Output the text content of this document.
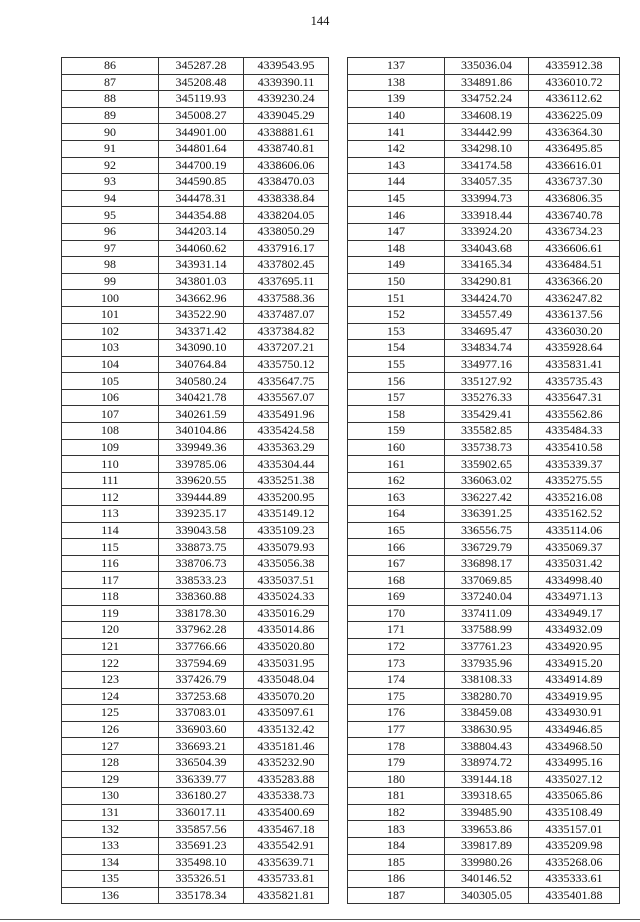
144
86	345287.28	4339543.95
87	345208.48	4339390.11
88	345119.93	4339230.24
89	345008.27	4339045.29
90	344901.00	4338881.61
91	344801.64	4338740.81
92	344700.19	4338606.06
93	344590.85	4338470.03
94	344478.31	4338338.84
95	344354.88	4338204.05
96	344203.14	4338050.29
97	344060.62	4337916.17
98	343931.14	4337802.45
99	343801.03	4337695.11
100	343662.96	4337588.36
101	343522.90	4337487.07
102	343371.42	4337384.82
103	343090.10	4337207.21
104	340764.84	4335750.12
105	340580.24	4335647.75
106	340421.78	4335567.07
107	340261.59	4335491.96
108	340104.86	4335424.58
109	339949.36	4335363.29
110	339785.06	4335304.44
111	339620.55	4335251.38
112	339444.89	4335200.95
113	339235.17	4335149.12
114	339043.58	4335109.23
115	338873.75	4335079.93
116	338706.73	4335056.38
117	338533.23	4335037.51
118	338360.88	4335024.33
119	338178.30	4335016.29
120	337962.28	4335014.86
121	337766.66	4335020.80
122	337594.69	4335031.95
123	337426.79	4335048.04
124	337253.68	4335070.20
125	337083.01	4335097.61
126	336903.60	4335132.42
127	336693.21	4335181.46
128	336504.39	4335232.90
129	336339.77	4335283.88
130	336180.27	4335338.73
131	336017.11	4335400.69
132	335857.56	4335467.18
133	335691.23	4335542.91
134	335498.10	4335639.71
135	335326.51	4335733.81
136	335178.34	4335821.81
137	335036.04	4335912.38
138	334891.86	4336010.72
139	334752.24	4336112.62
140	334608.19	4336225.09
141	334442.99	4336364.30
142	334298.10	4336495.85
143	334174.58	4336616.01
144	334057.35	4336737.30
145	333994.73	4336806.35
146	333918.44	4336740.78
147	333924.20	4336734.23
148	334043.68	4336606.61
149	334165.34	4336484.51
150	334290.81	4336366.20
151	334424.70	4336247.82
152	334557.49	4336137.56
153	334695.47	4336030.20
154	334834.74	4335928.64
155	334977.16	4335831.41
156	335127.92	4335735.43
157	335276.33	4335647.31
158	335429.41	4335562.86
159	335582.85	4335484.33
160	335738.73	4335410.58
161	335902.65	4335339.37
162	336063.02	4335275.55
163	336227.42	4335216.08
164	336391.25	4335162.52
165	336556.75	4335114.06
166	336729.79	4335069.37
167	336898.17	4335031.42
168	337069.85	4334998.40
169	337240.04	4334971.13
170	337411.09	4334949.17
171	337588.99	4334932.09
172	337761.23	4334920.95
173	337935.96	4334915.20
174	338108.33	4334914.89
175	338280.70	4334919.95
176	338459.08	4334930.91
177	338630.95	4334946.85
178	338804.43	4334968.50
179	338974.72	4334995.16
180	339144.18	4335027.12
181	339318.65	4335065.86
182	339485.90	4335108.49
183	339653.86	4335157.01
184	339817.89	4335209.98
185	339980.26	4335268.06
186	340146.52	4335333.61
187	340305.05	4335401.88
